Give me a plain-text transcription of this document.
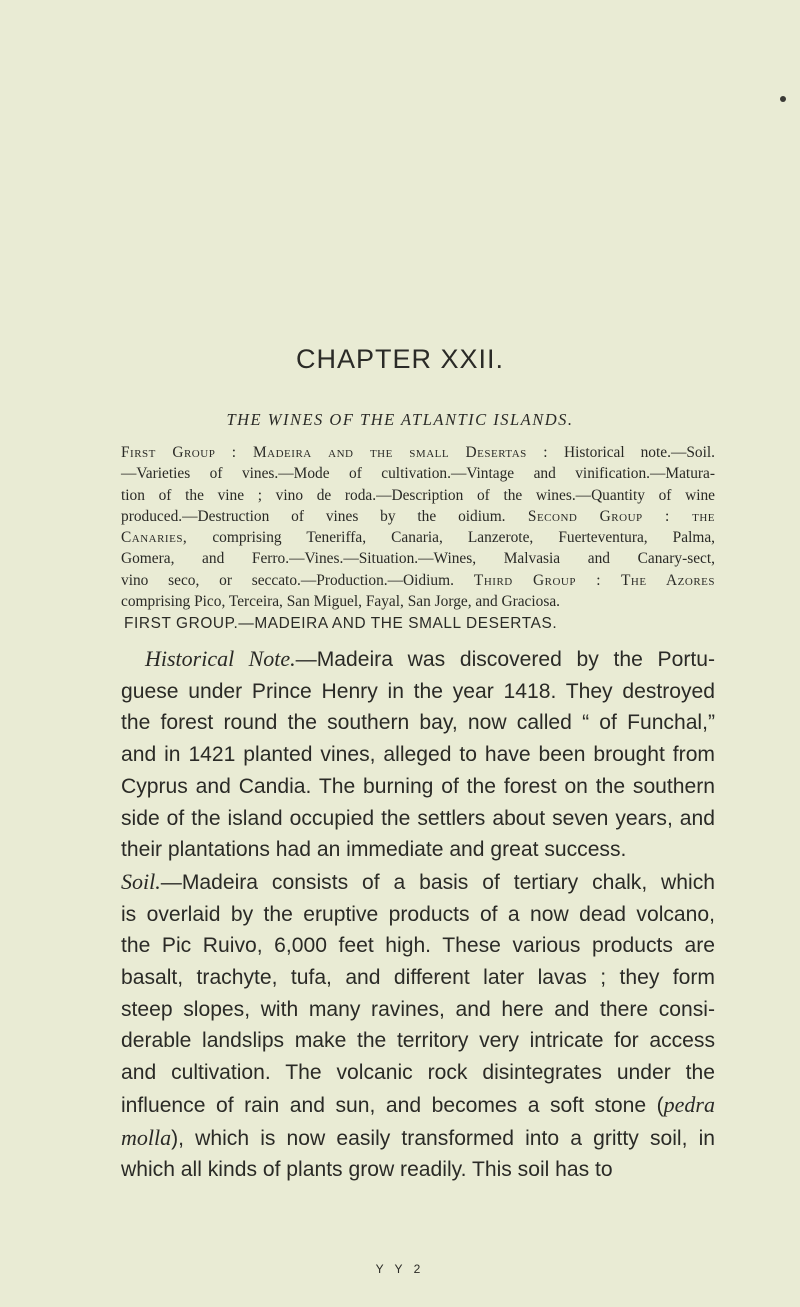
CHAPTER XXII.
THE WINES OF THE ATLANTIC ISLANDS.
First Group : Madeira and the small Desertas : Historical note.—Soil.
—Varieties of vines.—Mode of cultivation.—Vintage and vinification.—Matura-
tion of the vine ; vino de roda.—Description of the wines.—Quantity of wine
produced.—Destruction of vines by the oidium. Second Group : the
Canaries, comprising Teneriffa, Canaria, Lanzerote, Fuerteventura, Palma,
Gomera, and Ferro.—Vines.—Situation.—Wines, Malvasia and Canary-sect,
vino seco, or seccato.—Production.—Oidium. Third Group : The Azores
comprising Pico, Terceira, San Miguel, Fayal, San Jorge, and Graciosa.
FIRST GROUP.—MADEIRA AND THE SMALL DESERTAS.
Historical Note.—Madeira was discovered by the Portu-
guese under Prince Henry in the year 1418. They destroyed
the forest round the southern bay, now called “ of Funchal,”
and in 1421 planted vines, alleged to have been brought from
Cyprus and Candia. The burning of the forest on the southern
side of the island occupied the settlers about seven years, and
their plantations had an immediate and great success.
Soil.—Madeira consists of a basis of tertiary chalk, which
is overlaid by the eruptive products of a now dead volcano,
the Pic Ruivo, 6,000 feet high. These various products are
basalt, trachyte, tufa, and different later lavas ; they form
steep slopes, with many ravines, and here and there consi-
derable landslips make the territory very intricate for access
and cultivation. The volcanic rock disintegrates under the
influence of rain and sun, and becomes a soft stone (pedra
molla), which is now easily transformed into a gritty soil, in
which all kinds of plants grow readily. This soil has to
Y Y 2
